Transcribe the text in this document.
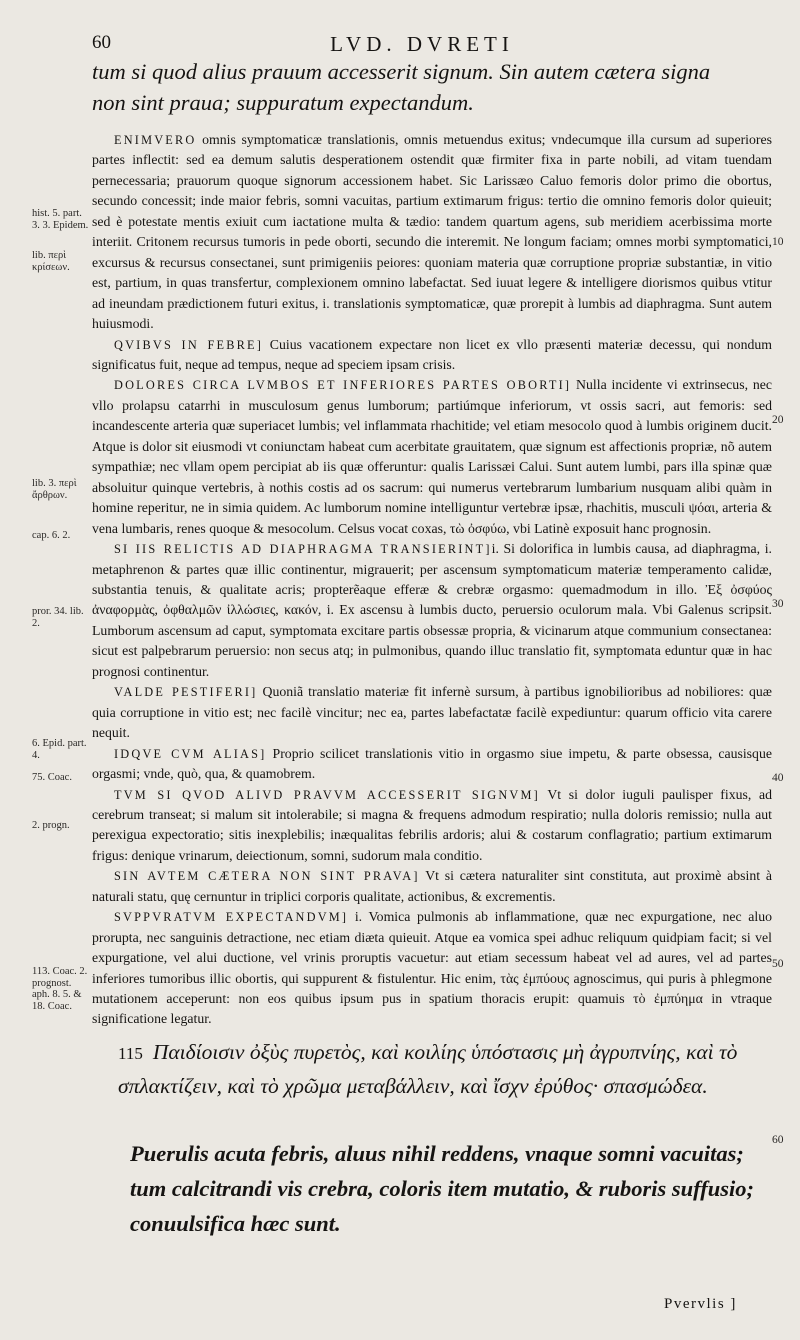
60	LVD. DVRETI
tum si quod alius prauum accesserit signum. Sin autem cætera signa
non sint praua; suppuratum expectandum.

ENIMVERO omnis symptomaticæ translationis, omnis metuendus exitus; vndecumque illa cursum ad superiores partes inflectit: sed ea demum salutis desperationem ostendit quæ firmiter fixa in parte nobili, ad vitam tuendam pernecessaria; prauorum quoque signorum accessionem habet. Sic Larissæo Caluo femoris dolor primo die obortus, secundo concessit; inde maior febris, somni vacuitas, partium extimarum frigus: tertio die omnino femoris dolor quieuit; sed è potestate mentis exiuit cum iactatione multa & tædio: tandem quartum agens, sub meridiem acerbissima morte interiit. Critonem recursus tumoris in pede oborti, secundo die interemit. Ne longum faciam; omnes morbi symptomatici, excursus & recursus consectanei, sunt primigeniis peiores: quoniam materia quæ corruptione propriæ substantiæ, in vitio est, partium, in quas transfertur, complexionem omnino labefactat. Sed iuuat legere & intelligere diorismos quibus vtitur ad ineundam prædictionem futuri exitus, i. translationis symptomaticæ, quæ prorepit à lumbis ad diaphragma. Sunt autem huiusmodi.

QVIBVS IN FEBRE] Cuius vacationem expectare non licet ex vllo præsenti materiæ decessu, qui nondum significatus fuit, neque ad tempus, neque ad speciem ipsam crisis.

DOLORES CIRCA LVMBOS ET INFERIORES PARTES OBORTI] Nulla incidente vi extrinsecus, nec vllo prolapsu catarrhi in musculosum genus lumborum; partiúmque inferiorum, vt ossis sacri, aut femoris: sed incandescente arteria quæ superiacet lumbis; vel inflammata rhachitide; vel etiam mesocolo quod à lumbis originem ducit. Atque is dolor sit eiusmodi vt coniunctam habeat cum acerbitate grauitatem, quæ signum est affectionis propriæ, nõ autem sympathiæ; nec vllam opem percipiat ab iis quæ offeruntur: qualis Larissæi Calui. Sunt autem lumbi, pars illa spinæ quæ absoluitur quinque vertebris, à nothis costis ad os sacrum: qui numerus vertebrarum lumbarium nusquam alibi quàm in homine reperitur, ne in simia quidem. Ac lumborum nomine intelliguntur vertebræ ipsæ, rhachitis, musculi ψόαι, arteria & vena lumbaris, renes quoque & mesocolum. Celsus vocat coxas, τὼ ὀσφύω, vbi Latinè exposuit hanc prognosin.

SI IIS RELICTIS AD DIAPHRAGMA TRANSIERINT]i. Si dolorifica in lumbis causa, ad diaphragma, i. metaphrenon & partes quæ illic continentur, migrauerit; per ascensum symptomaticum materiæ temperamento calidæ, substantia tenuis, & qualitate acris; propterẽaque efferæ & crebræ orgasmo: quemadmodum in illo. Ἐξ ὀσφύος ἀναφορμὰς, ὀφθαλμῶν ἰλλώσιες, κακόν, i. Ex ascensu à lumbis ducto, peruersio oculorum mala. Vbi Galenus scripsit. Lumborum ascensum ad caput, symptomata excitare partis obsessæ propria, & vicinarum atque communium consectanea: sicut est palpebrarum peruersio: non secus atq; in pulmonibus, quando illuc translatio fit, symptomata eduntur quæ in hac prognosi continentur.

VALDE PESTIFERI] Quoniã translatio materiæ fit infernè sursum, à partibus ignobilioribus ad nobiliores: quæ quia corruptione in vitio est; nec facilè vincitur; nec ea, partes labefactatæ facilè expediuntur: quarum officio vita carere nequit.

IDQVE CVM ALIAS] Proprio scilicet translationis vitio in orgasmo siue impetu, & parte obsessa, causisque orgasmi; vnde, quò, qua, & quamobrem.

TVM SI QVOD ALIVD PRAVVM ACCESSERIT SIGNVM] Vt si dolor iuguli paulisper fixus, ad cerebrum transeat; si malum sit intolerabile; si magna & frequens admodum respiratio; nulla doloris remissio; nulla aut perexigua expectoratio; sitis inexplebilis; inæqualitas febrilis ardoris; alui & costarum conflagratio; partium extimarum frigus: denique vrinarum, deiectionum, somni, sudorum mala conditio.

SIN AVTEM CÆTERA NON SINT PRAVA] Vt si cætera naturaliter sint constituta, aut proximè absint à naturali statu, quę cernuntur in triplici corporis qualitate, actionibus, & excrementis.

SVPPVRATVM EXPECTANDVM] i. Vomica pulmonis ab inflammatione, quæ nec expurgatione, nec aluo prorupta, nec sanguinis detractione, nec etiam diæta quieuit. Atque ea vomica spei adhuc reliquum quidpiam facit; si vel expurgatione, vel alui ductione, vel vrinis proruptis vacuetur: aut etiam secessum habeat vel ad aures, vel ad partes inferiores tumoribus illic obortis, qui suppurent & fistulentur. Hic enim, τὰς ἐμπύους agnoscimus, qui puris à phlegmone mutationem acceperunt: non eos quibus ipsum pus in spatium thoracis erupit: quamuis τὸ ἐμπύημα in vtraque significatione legatur.

hist. 5. part. 3. 3. Epidem.
lib. περὶ κρίσεων.
lib. 3. περὶ ἄρθρων.
cap. 6. 2.
pror. 34. lib. 2.
6. Epid. part. 4.
75. Coac.
2. progn.
113. Coac. 2. prognost. aph. 8. 5. & 18. Coac.
10
20
30
40
50
60
115 Παιδίοισιν ὀξὺς πυρετὸς, καὶ κοιλίης ὑπόστασις μὴ ἀγρυπνίης, καὶ τὸ σπλακτίζειν, καὶ τὸ χρῶμα μεταβάλλειν, καὶ ἴσχν ἐρύθος· σπασμώδεα.
Puerulis acuta febris, aluus nihil reddens, vnaque somni vacuitas; tum calcitrandi vis crebra, coloris item mutatio, & ruboris suffusio; conuulsifica hæc sunt.
Pvervlis ]
